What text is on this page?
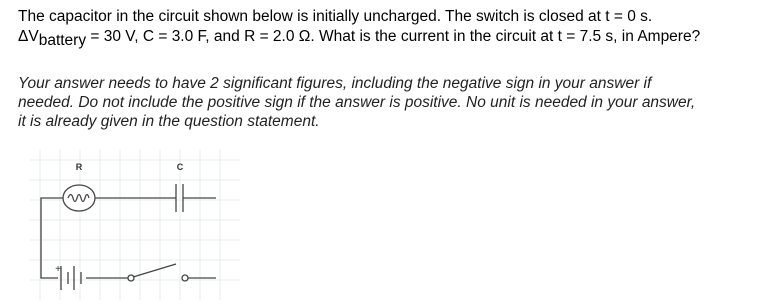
The capacitor in the circuit shown below is initially uncharged. The switch is closed at t = 0 s.
$\Delta V_{battery} = 30$ V, C = 3.0 F, and R = 2.0 Ω. What is the current in the circuit at t = 7.5 s, in Ampere?
Your answer needs to have 2 significant figures, including the negative sign in your answer if
needed. Do not include the positive sign if the answer is positive. No unit is needed in your answer,
it is already given in the question statement.
R	C
+
